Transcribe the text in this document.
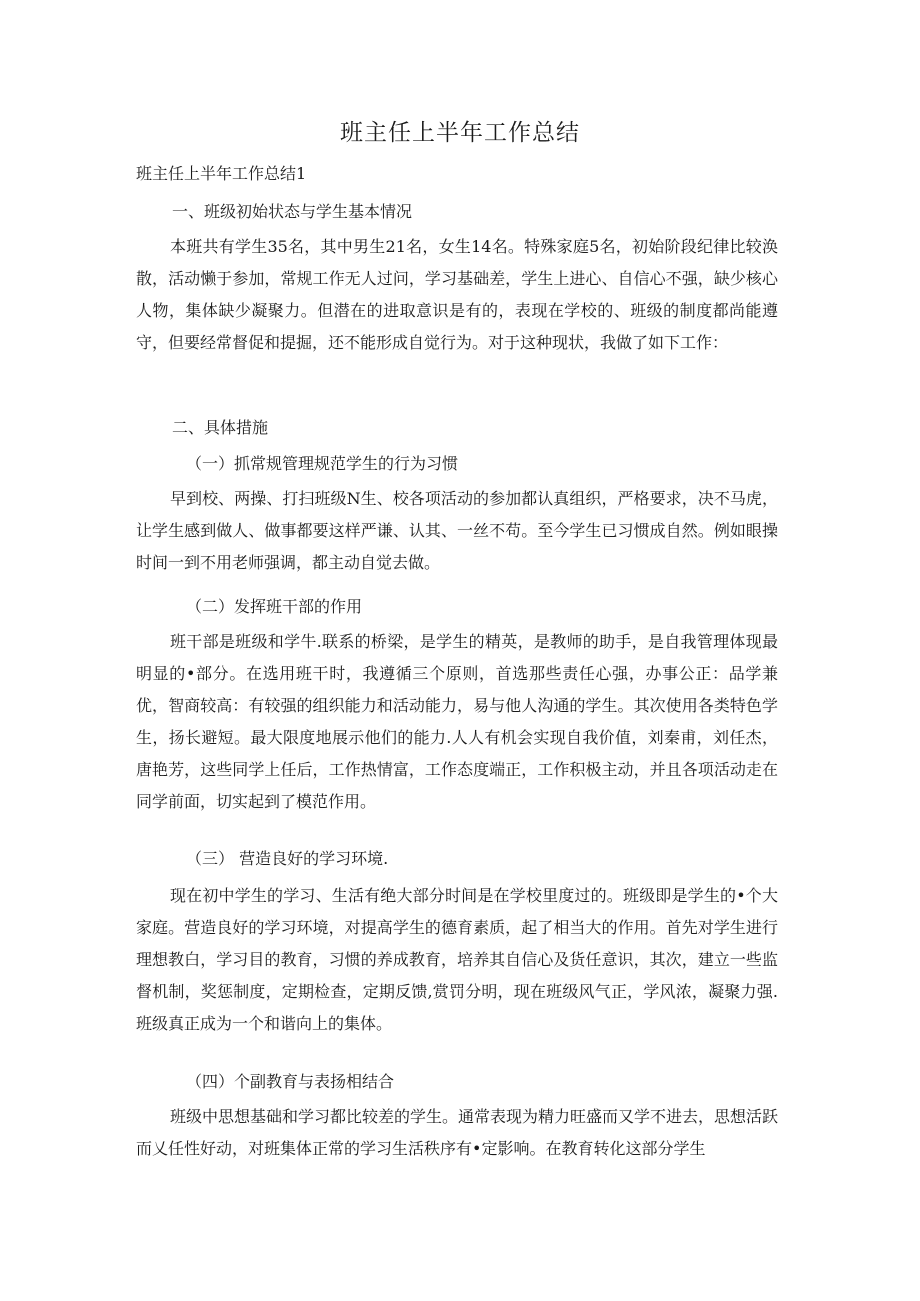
班主任上半年工作总结
班主任上半年工作总结1
一、班级初始状态与学生基本情况
本班共有学生35名，其中男生21名，女生14名。特殊家庭5名，初始阶段纪律比较涣散，活动懒于参加，常规工作无人过问，学习基础差，学生上进心、自信心不强，缺少核心人物，集体缺少凝聚力。但潜在的进取意识是有的，表现在学校的、班级的制度都尚能遵守，但要经常督促和提掘，还不能形成自觉行为。对于这种现状，我做了如下工作：
二、具体措施
（一）抓常规管理规范学生的行为习惯
早到校、两操、打扫班级N生、校各项活动的参加都认真组织，严格要求，决不马虎，让学生感到做人、做事都要这样严谦、认其、一丝不苟。至今学生已习惯成自然。例如眼操时间一到不用老师强调，都主动自觉去做。
（二）发挥班干部的作用
班干部是班级和学牛.联系的桥梁，是学生的精英，是教师的助手，是自我管理体现最明显的•部分。在选用班干时，我遵循三个原则，首选那些责任心强，办事公正：品学兼优，智商较高：有较强的组织能力和活动能力，易与他人沟通的学生。其次使用各类特色学生，扬长避短。最大限度地展示他们的能力.人人有机会实现自我价值，刘秦甫，刘任杰，唐艳芳，这些同学上任后，工作热情富，工作态度端正，工作积极主动，并且各项活动走在同学前面，切实起到了模范作用。
（三） 营造良好的学习环境.
现在初中学生的学习、生活有绝大部分时间是在学校里度过的。班级即是学生的•个大家庭。营造良好的学习环境，对提高学生的德育素质，起了相当大的作用。首先对学生进行理想教白，学习目的教育，习惯的养成教育，培养其自信心及货任意识，其次，建立一些监督机制，奖惩制度，定期检查，定期反馈,赏罚分明，现在班级风气正，学风浓，凝聚力强.班级真正成为一个和谐向上的集体。
（四）个副教育与表扬相结合
班级中思想基础和学习都比较差的学生。通常表现为精力旺盛而又学不进去，思想活跃而乂任性好动，对班集体正常的学习生活秩序有•定影响。在教育转化这部分学生
